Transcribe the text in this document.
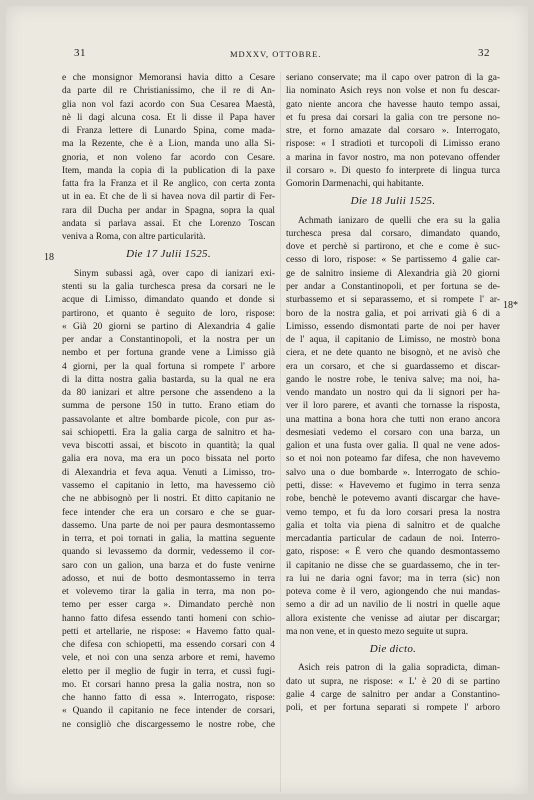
31	MDXXV, OTTOBRE.	32
18
18*
e che monsignor Memoransi havia ditto a Cesare
da parte dil re Christianissimo, che il re di An-
glia non vol fazi acordo con Sua Cesarea Maestà,
nè li dagi alcuna cosa. Et li disse il Papa haver
di Franza lettere di Lunardo Spina, come mada-
ma la Rezente, che è a Lion, manda uno alla Si-
gnoria, et non voleno far acordo con Cesare.
Item, manda la copia di la publication di la paxe
fatta fra la Franza et il Re anglico, con certa zonta
ut in ea. Et che de li si havea nova dil partir di Fer-
rara dil Ducha per andar in Spagna, sopra la qual
andata si parlava assai. Et che Lorenzo Toscan
veniva a Roma, con altre particularità.
Die 17 Julii 1525.
Sinym subassi agà, over capo di ianizari exi-
stenti su la galia turchesca presa da corsari ne le
acque di Limisso, dimandato quando et donde si
partirono, et quanto è seguito de loro, rispose:
« Già 20 giorni se partino di Alexandria 4 galie
per andar a Constantinopoli, et la nostra per un
nembo et per fortuna grande vene a Limisso già
4 giorni, per la qual fortuna si rompete l' arbore
di la ditta nostra galia bastarda, su la qual ne era
da 80 ianizari et altre persone che assendeno a la
summa de persone 150 in tutto. Erano etiam do
passavolante et altre bombarde picole, con pur as-
sai schiopetti. Era la galia carga de salnitro et ha-
veva biscotti assai, et biscoto in quantità; la qual
galia era nova, ma era un poco bissata nel porto
di Alexandria et feva aqua. Venuti a Limisso, tro-
vassemo el capitanio in letto, ma havessemo ciò
che ne abbisognò per li nostri. Et ditto capitanio ne
fece intender che era un corsaro e che se guar-
dassemo. Una parte de noi per paura desmontassemo
in terra, et poi tornati in galia, la mattina seguente
quando si levassemo da dormir, vedessemo il cor-
saro con un galion, una barza et do fuste venirne
adosso, et nui de botto desmontassemo in terra
et volevemo tirar la galia in terra, ma non po-
temo per esser carga ». Dimandato perchè non
hanno fatto difesa essendo tanti homeni con schio-
petti et artellarie, ne rispose: « Havemo fatto qual-
che difesa con schiopetti, ma essendo corsari con 4
vele, et noi con una senza arbore et remi, havemo
eletto per il meglio de fugir in terra, et cussì fugi-
mo. Et corsari hanno presa la galia nostra, non so
che hanno fatto di essa ». Interrogato, rispose:
« Quando il capitanio ne fece intender de corsari,
ne consigliò che discargessemo le nostre robe, che
seriano conservate; ma il capo over patron di la ga-
lia nominato Asich reys non volse et non fu descar-
gato niente ancora che havesse hauto tempo assai,
et fu presa dai corsari la galia con tre persone no-
stre, et forno amazate dal corsaro ». Interrogato,
rispose: « I stradioti et turcopoli di Limisso erano
a marina in favor nostro, ma non potevano offender
il corsaro ». Di questo fo interprete di lingua turca
Gomorin Darmenachi, qui habitante.
Die 18 Julii 1525.
Achmath ianizaro de quelli che era su la galia
turchesca presa dal corsaro, dimandato quando,
dove et perchè si partirono, et che e come è suc-
cesso di loro, rispose: « Se partissemo 4 galie car-
ge de salnitro insieme di Alexandria già 20 giorni
per andar a Constantinopoli, et per fortuna se de-
sturbassemo et si separassemo, et si rompete l' ar-
boro de la nostra galia, et poi arrivati già 6 di a
Limisso, essendo dismontati parte de noi per haver
de l' aqua, il capitanio de Limisso, ne mostrò bona
ciera, et ne dete quanto ne bisognò, et ne avisò che
era un corsaro, et che si guardassemo et discar-
gando le nostre robe, le teniva salve; ma noi, ha-
vendo mandato un nostro qui da li signori per ha-
ver il loro parere, et avanti che tornasse la risposta,
una mattina a bona hora che tutti non erano ancora
desmesiati vedemo el corsaro con una barza, un
galion et una fusta over galia. Il qual ne vene ados-
so et noi non poteamo far difesa, che non havevemo
salvo una o due bombarde ». Interrogato de schio-
petti, disse: « Havevemo et fugimo in terra senza
robe, benchè le potevemo avanti discargar che have-
vemo tempo, et fu da loro corsari presa la nostra
galia et tolta via piena di salnitro et de qualche
mercadantia particular de cadaun de noi. Interro-
gato, rispose: « È vero che quando desmontassemo
il capitanio ne disse che se guardassemo, che in ter-
ra lui ne daria ogni favor; ma in terra (sic) non
poteva come è il vero, agiongendo che nui mandas-
semo a dir ad un navilio de li nostri in quelle aque
allora existente che venisse ad aiutar per discargar;
ma non vene, et in questo mezo seguite ut supra.
Die dicto.
Asich reis patron di la galia sopradicta, diman-
dato ut supra, ne rispose: « L' è 20 di se partino
galie 4 carge de salnitro per andar a Constantino-
poli, et per fortuna separati si rompete l' arboro
